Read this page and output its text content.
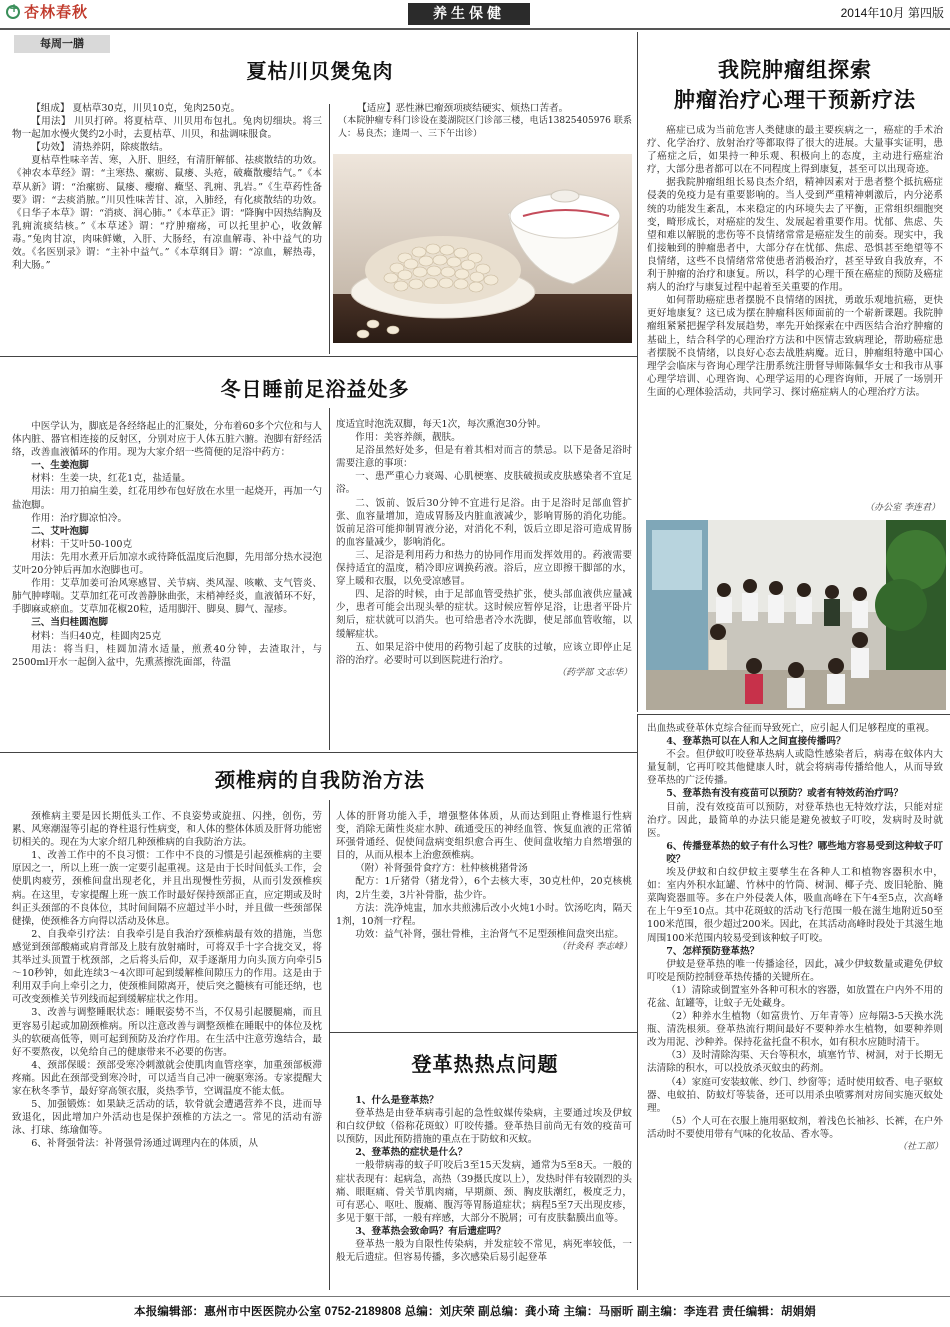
+杏林春秋	养生保健	2014年10月 第四版
每周一膳
夏枯川贝煲兔肉

【组成】 夏枯草30克，川贝10克，兔肉250克。

【用法】 川贝打碎。将夏枯草、川贝用布包扎。兔肉切细块。将三物一起加水慢火煲约2小时，去夏枯草、川贝，和盐调味服食。

【功效】 清热养阴，除痰散结。

夏枯草性味辛苦、寒，入肝、胆经，有清肝解郁、祛痰散结的功效。《神农本草经》谓：“主寒热、瘰疬、鼠瘘、头疮，破癥散瘿结气。”《本草从新》谓：“治瘰疬、鼠瘘、瘿瘤、癥坚、乳痈、乳岩。”《生草药性备要》谓：“去痰消脓。”川贝性味苦甘、凉，入肺经，有化痰散结的功效。《日华子本草》谓：“消痰、润心肺。”《本草正》谓：“降胸中因热结胸及乳痈流痰结核。”《本草述》谓：“疗肿瘤疡，可以托里护心，收敛解毒。”兔肉甘凉，肉味鲜嫩，入肝、大肠经，有凉血解毒、补中益气的功效。《名医别录》谓：“主补中益气。”《本草纲目》谓：“凉血，解热毒，利大肠。”

【适应】恶性淋巴瘤颈项痰结硬实、烦热口苦者。

（本院肿瘤专科门诊设在菱湖院区门诊部三楼，电话13825405976 联系人：易良杰；逢周一、三下午出诊）

冬日睡前足浴益处多

中医学认为，脚底是各经络起止的汇聚处，分布着60多个穴位和与人体内脏、器官相连接的反射区，分别对应于人体五脏六腑。泡脚有舒经活络，改善血液循环的作用。现为大家介绍一些简便的足浴中药方：

一、生姜泡脚

材料：生姜一块，红花1克，盐适量。

用法：用刀拍扁生姜，红花用纱布包好放在水里一起烧开，再加一勺盐泡脚。

作用：治疗脚凉怕冷。

二、艾叶泡脚

材料：干艾叶50-100克

用法：先用水煮开后加凉水或待降低温度后泡脚，先用部分热水浸泡艾叶20分钟后再加水泡脚也可。

作用：艾草加姜可治风寒感冒、关节病、类风湿、咳嗽、支气管炎、肺气肿哮喘。艾草加红花可改善静脉曲张，末梢神经炎，血液循环不好，手脚麻或瘀血。艾草加花椒20粒，适用脚汗、脚臭、脚气、湿疹。

三、当归桂圆泡脚

材料：当归40克，桂圆肉25克

用法：将当归，桂圆加清水适量，煎煮40分钟，去渣取汁，与2500ml开水一起倒入盆中，先熏蒸擦洗面部，待温

度适宜时泡洗双脚，每天1次，每次熏泡30分钟。

作用：美容养颜，靓肤。

足浴虽然好处多，但是有着其相对而言的禁忌。以下是备足浴时需要注意的事项：

一、患严重心力衰竭、心肌梗塞、皮肤破损或皮肤感染者不宜足浴。

二、饭前、饭后30分钟不宜进行足浴。由于足浴时足部血管扩张、血容量增加，造成胃肠及内脏血液减少，影响胃肠的消化功能。饭前足浴可能抑制胃液分泌，对消化不利，饭后立即足浴可造成胃肠的血容量减少，影响消化。

三、足浴是利用药力和热力的协同作用而发挥效用的。药液需要保持适宜的温度，稍冷即应调换药液。浴后，应立即擦干脚部的水，穿上暖和衣服，以免受凉感冒。

四、足浴的时候，由于足部血管受热扩张，使头部血液供应量减少，患者可能会出现头晕的症状。这时候应暂停足浴，让患者平卧片刻后，症状就可以消失。也可给患者冷水洗脚，使足部血管收缩，以缓解症状。

五、如果足浴中使用的药物引起了皮肤的过敏，应该立即停止足浴的治疗。必要时可以到医院进行治疗。

（药学部 文志华）
我院肿瘤组探索
肿瘤治疗心理干预新疗法

癌症已成为当前危害人类健康的最主要疾病之一，癌症的手术治疗、化学治疗、放射治疗等都取得了很大的进展。大量事实证明，患了癌症之后，如果持一种乐观、积极向上的态度，主动进行癌症治疗，大部分患者都可以在不同程度上得到康复，甚至可以出现奇迹。

据我院肿瘤组组长易良杰介绍，精神因素对于患者整个抵抗癌症侵袭的免疫力是有重要影响的。当人受到严重精神刺激后，内分泌系统的功能发生紊乱，本来稳定的内环境失去了平衡，正常组织细胞突变，畸形成长，对癌症的发生、发展起着重要作用。忧郁、焦虑、失望和难以解脱的悲伤等不良情绪常常是癌症发生的前奏。现实中，我们接触到的肿瘤患者中，大部分存在忧郁、焦虑、恐惧甚至绝望等不良情绪，这些不良情绪常常使患者消极治疗，甚至导致自我放弃，不利于肿瘤的治疗和康复。所以，科学的心理干预在癌症的预防及癌症病人的治疗与康复过程中起着至关重要的作用。

如何帮助癌症患者摆脱不良情绪的困扰，勇敢乐观地抗癌，更快更好地康复？这已成为摆在肿瘤科医师面前的一个崭新课题。我院肿瘤组紧紧把握学科发展趋势，率先开始探索在中西医结合治疗肿瘤的基础上，结合科学的心理治疗方法和中医情志致病理论，帮助癌症患者摆脱不良情绪，以良好心态去战胜病魔。近日，肿瘤组特邀中国心理学会临床与咨询心理学注册系统注册督导师陈佩华女士和我市从事心理学培训、心理咨询、心理学运用的心理咨询师，开展了一场别开生面的心理体验活动，共同学习、探讨癌症病人的心理治疗方法。

（办公室 李连君）
颈椎病的自我防治方法

颈椎病主要是因长期低头工作、不良姿势或旋扭、闪挫，创伤，劳累、风寒潮湿等引起的脊柱退行性病变，和人体的整体体质及肝肾功能密切相关的。现在为大家介绍几种颈椎病的自我防治方法。

1、改善工作中的不良习惯：工作中不良的习惯是引起颈椎病的主要原因之一，所以上班一族一定要引起重视。这是由于长时间低头工作，会使肌肉疲劳，颈椎间盘出现老化，并且出现慢性劳损，从而引发颈椎疾病。在这里，专家提醒上班一族工作时最好保持颈部正直，应定期或及时纠正头颈部的不良体位，其时间间隔不应超过半小时，并且做一些颈部保健操，使颈椎各方向得以活动及休息。

2、自我牵引疗法：自我牵引是自我治疗颈椎病最有效的措施，当您感觉到颈部酸痛或肩背部及上肢有放射痛时，可将双手十字合拢交叉，将其举过头顶置于枕颈部，之后将头后仰，双手逐渐用力向头顶方向牵引5～10秒钟，如此连续3～4次即可起到缓解椎间隙压力的作用。这是由于利用双手向上牵引之力，使颈椎间隙离开，使后突之髓核有可能还纳，也可改变颈椎关节列线而起到缓解症状之作用。

3、改善与调整睡眠状态：睡眠姿势不当，不仅易引起腰腿痛，而且更容易引起或加剧颈椎病。所以注意改善与调整颈椎在睡眠中的体位及枕头的软硬高低等，则可起到预防及治疗作用。在生活中注意劳逸结合，最好不要熬夜，以免给自己的健康带来不必要的伤害。

4、颈部保暖：颈部受寒冷刺激就会使肌肉血管痉挛，加重颈部板滞疼痛。因此在颈部受到寒冷时，可以适当自己冲一碗驱寒汤。专家提醒大家在秋冬季节，最好穿高领衣服，炎热季节，空调温度不能太低。

5、加强锻炼：如果缺乏活动的话，软骨就会遭遇营养不良，进而导致退化，因此增加户外活动也是保护颈椎的方法之一。常见的活动有游泳、打球、练瑜伽等。

6、补肾强骨法：补肾强骨汤通过调理内在的体质，从

人体的肝肾功能入手，增强整体体质，从而达到阻止脊椎退行性病变，消除无菌性炎症水肿、疏通受压的神经血管、恢复血液的正常循环强骨通经、促使间盘病变组织愈合再生、使间盘收缩力自然增强的目的，从而从根本上治愈颈椎病。

（附）补肾强骨食疗方：杜仲核桃猪骨汤

配方：1斤猪骨（猪龙骨），6个去核大枣，30克杜仲，20克核桃肉，2片生姜，3片补骨脂，盐少许。

方法：洗净炖盅，加水共煎沸后改小火炖1小时。饮汤吃肉，隔天1剂，10剂一疗程。

功效：益气补肾，强壮骨椎，主治肾气不足型颈椎间盘突出症。

（针灸科 李志峰）
登革热热点问题

1、什么是登革热？

登革热是由登革病毒引起的急性蚊媒传染病，主要通过埃及伊蚊和白纹伊蚊（俗称花斑蚊）叮咬传播。登革热目前尚无有效的疫苗可以预防，因此预防措施的重点在于防蚊和灭蚊。

2、登革热的症状是什么？

一般带病毒的蚊子叮咬后3至15天发病，通常为5至8天。一般的症状表现有：起病急，高热（39摄氏度以上），发热时伴有较剧烈的头痛、眼眶痛、骨关节肌肉痛，早期颜、颈、胸皮肤潮红，极度乏力，可有恶心、呕吐、腹痛、腹泻等胃肠道症状；病程5至7天出现皮疹，多见于躯干部，一般有痒感，大部分不脱屑；可有皮肤黏膜出血等。

3、登革热会致命吗？有后遗症吗？

登革热一般为自限性传染病，并发症较不常见，病死率较低，一般无后遗症。但容易传播，多次感染后易引起登革

出血热或登革休克综合征而导致死亡，应引起人们足够程度的重视。

4、登革热可以在人和人之间直接传播吗？

不会。但伊蚊叮咬登革热病人或隐性感染者后，病毒在蚊体内大量复制，它再叮咬其他健康人时，就会将病毒传播给他人，从而导致登革热的广泛传播。

5、登革热有没有疫苗可以预防？或者有特效药治疗吗？

目前，没有效疫苗可以预防，对登革热也无特效疗法，只能对症治疗。因此，最简单的办法只能是避免被蚊子叮咬，发病时及时就医。

6、传播登革热的蚊子有什么习性？哪些地方容易受到这种蚊子叮咬？

埃及伊蚊和白纹伊蚊主要孳生在各种人工和植物容器积水中，如：室内外积水缸罐、竹林中的竹筒、树洞、椰子壳、废旧轮胎、腌菜陶瓷器皿等。多在户外侵袭人体，吸血高峰在下午4至5点，次高峰在上午9至10点。其中花斑蚊的活动飞行范围一般在滋生地附近50至100米范围，很少超过200米。因此，在其活动高峰时段处于其滋生地周围100米范围内较易受到该种蚊子叮咬。

7、怎样预防登革热？

伊蚊是登革热的唯一传播途径，因此，减少伊蚊数量或避免伊蚊叮咬是预防控制登革热传播的关键所在。

（1）清除或倒置室外各种可积水的容器，如放置在户内外不用的花盆、缸罐等，让蚊子无处藏身。

（2）种养水生植物（如富贵竹、万年青等）应每隔3-5天换水洗瓶、清洗根须。登革热流行期间最好不要种养水生植物，如要种养则改为用泥、沙种养。保持花盆托盘不积水，如有积水应随时清干。

（3）及时清除沟渠、天台等积水，填塞竹节、树洞，对于长期无法清除的积水，可以投放杀灭蚊虫的药剂。

（4）家庭可安装蚊帐、纱门、纱窗等；适时使用蚊香、电子驱蚊器、电蚊拍、防蚊灯等装备，还可以用杀虫喷雾剂对房间实施灭蚊处理。

（5）个人可在衣服上施用驱蚊剂，着浅色长袖衫、长裤，在户外活动时不要使用带有气味的化妆品、香水等。

（社工部）
本报编辑部：惠州市中医医院办公室 0752-2189808 总编：刘庆荣 副总编：龚小琦 主编：马丽昕 副主编：李连君 责任编辑：胡娟娟
